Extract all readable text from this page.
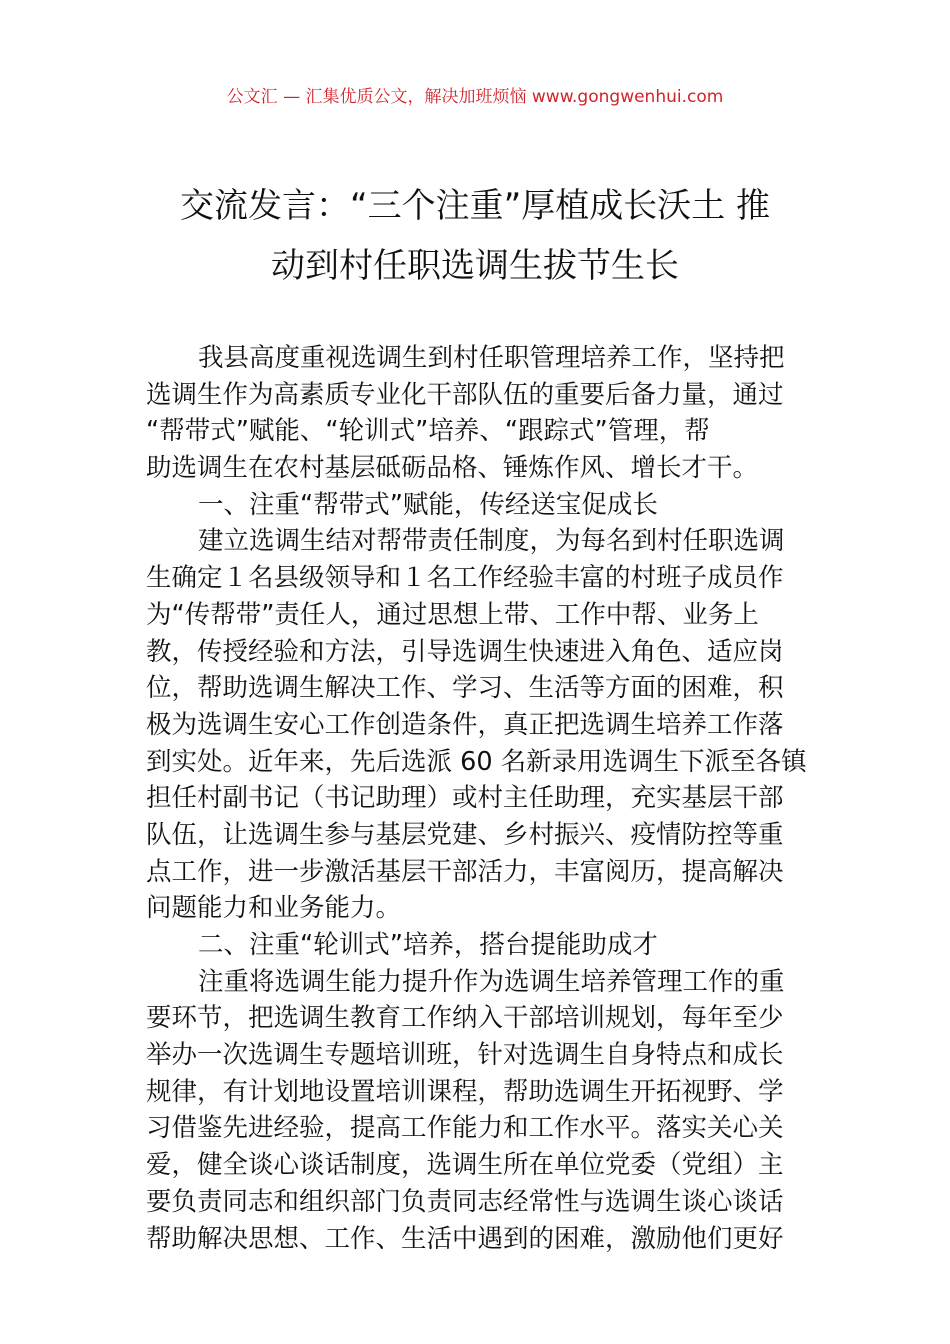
公文汇 — 汇集优质公文，解决加班烦恼 www.gongwenhui.com
交流发言：“三个注重”厚植成长沃土 推
动到村任职选调生拔节生长
我县高度重视选调生到村任职管理培养工作，坚持把
选调生作为高素质专业化干部队伍的重要后备力量，通过
“帮带式”赋能、“轮训式”培养、“跟踪式”管理，帮
助选调生在农村基层砥砺品格、锤炼作风、增长才干。
一、注重“帮带式”赋能，传经送宝促成长
建立选调生结对帮带责任制度，为每名到村任职选调
生确定１名县级领导和１名工作经验丰富的村班子成员作
为“传帮带”责任人，通过思想上带、工作中帮、业务上
教，传授经验和方法，引导选调生快速进入角色、适应岗
位，帮助选调生解决工作、学习、生活等方面的困难，积
极为选调生安心工作创造条件，真正把选调生培养工作落
到实处。近年来，先后选派 60 名新录用选调生下派至各镇
担任村副书记（书记助理）或村主任助理，充实基层干部
队伍，让选调生参与基层党建、乡村振兴、疫情防控等重
点工作，进一步激活基层干部活力，丰富阅历，提高解决
问题能力和业务能力。
二、注重“轮训式”培养，搭台提能助成才
注重将选调生能力提升作为选调生培养管理工作的重
要环节，把选调生教育工作纳入干部培训规划，每年至少
举办一次选调生专题培训班，针对选调生自身特点和成长
规律，有计划地设置培训课程，帮助选调生开拓视野、学
习借鉴先进经验，提高工作能力和工作水平。落实关心关
爱，健全谈心谈话制度，选调生所在单位党委（党组）主
要负责同志和组织部门负责同志经常性与选调生谈心谈话
帮助解决思想、工作、生活中遇到的困难，激励他们更好
